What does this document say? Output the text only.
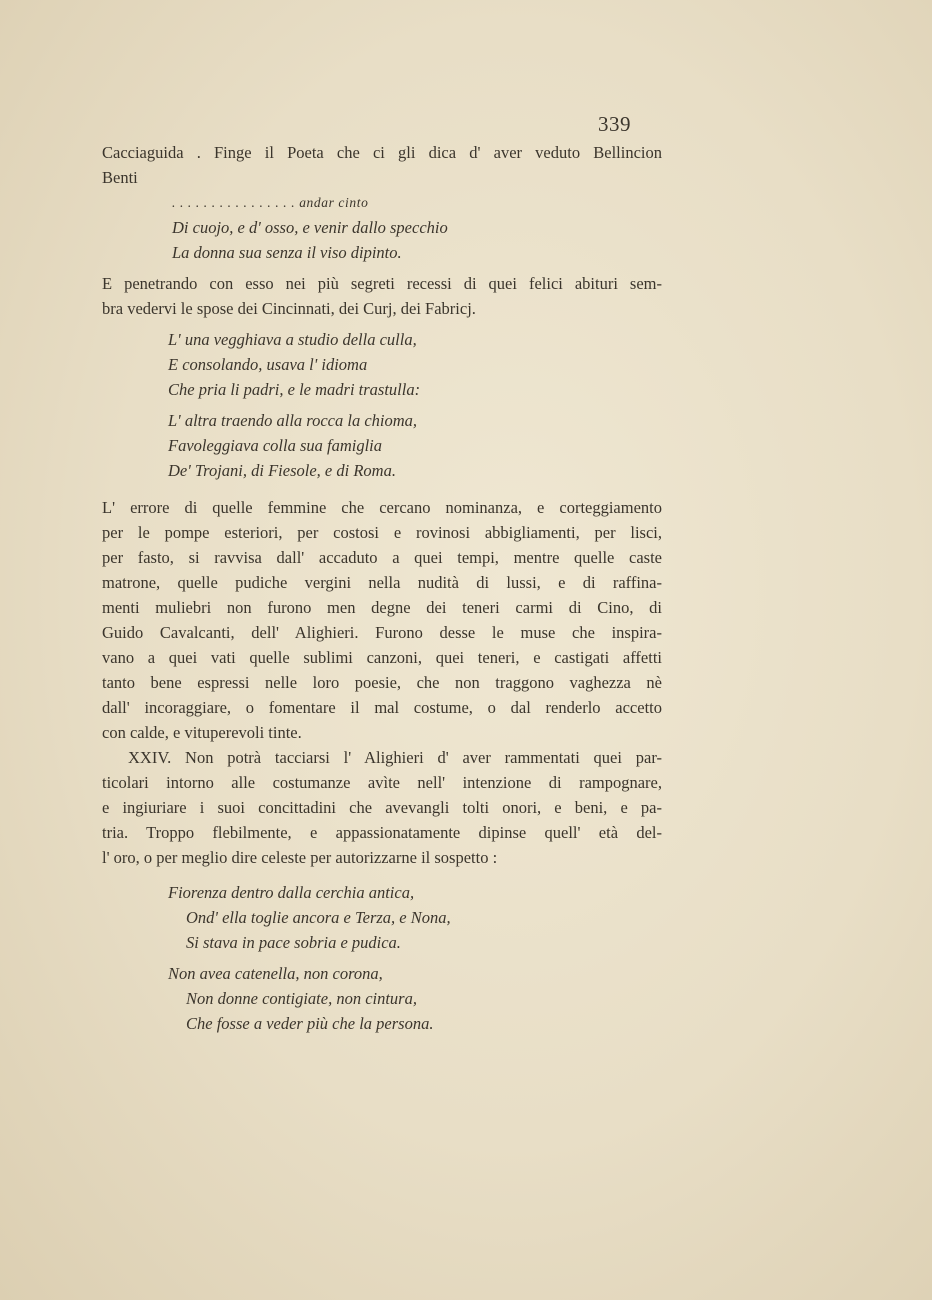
339
Cacciaguida . Finge il Poeta che ci gli dica d' aver veduto Bellincion
Benti
. . . . . . . . . . . . . . . . andar cinto
Di cuojo, e d' osso, e venir dallo specchio
La donna sua senza il viso dipinto.
E penetrando con esso nei più segreti recessi di quei felici abituri sem-
bra vedervi le spose dei Cincinnati, dei Curj, dei Fabricj.
L' una vegghiava a studio della culla,
E consolando, usava l' idioma
Che pria li padri, e le madri trastulla:
L' altra traendo alla rocca la chioma,
Favoleggiava colla sua famiglia
De' Trojani, di Fiesole, e di Roma.
L' errore di quelle femmine che cercano nominanza, e corteggiamento
per le pompe esteriori, per costosi e rovinosi abbigliamenti, per lisci,
per fasto, si ravvisa dall' accaduto a quei tempi, mentre quelle caste
matrone, quelle pudiche vergini nella nudità di lussi, e di raffina-
menti muliebri non furono men degne dei teneri carmi di Cino, di
Guido Cavalcanti, dell' Alighieri. Furono desse le muse che inspira-
vano a quei vati quelle sublimi canzoni, quei teneri, e castigati affetti
tanto bene espressi nelle loro poesie, che non traggono vaghezza nè
dall' incoraggiare, o fomentare il mal costume, o dal renderlo accetto
con calde, e vituperevoli tinte.
XXIV. Non potrà tacciarsi l' Alighieri d' aver rammentati quei par-
ticolari intorno alle costumanze avìte nell' intenzione di rampognare,
e ingiuriare i suoi concittadini che avevangli tolti onori, e beni, e pa-
tria. Troppo flebilmente, e appassionatamente dipinse quell' età del-
l' oro, o per meglio dire celeste per autorizzarne il sospetto :
Fiorenza dentro dalla cerchia antica,
Ond' ella toglie ancora e Terza, e Nona,
Si stava in pace sobria e pudica.
Non avea catenella, non corona,
Non donne contigiate, non cintura,
Che fosse a veder più che la persona.
